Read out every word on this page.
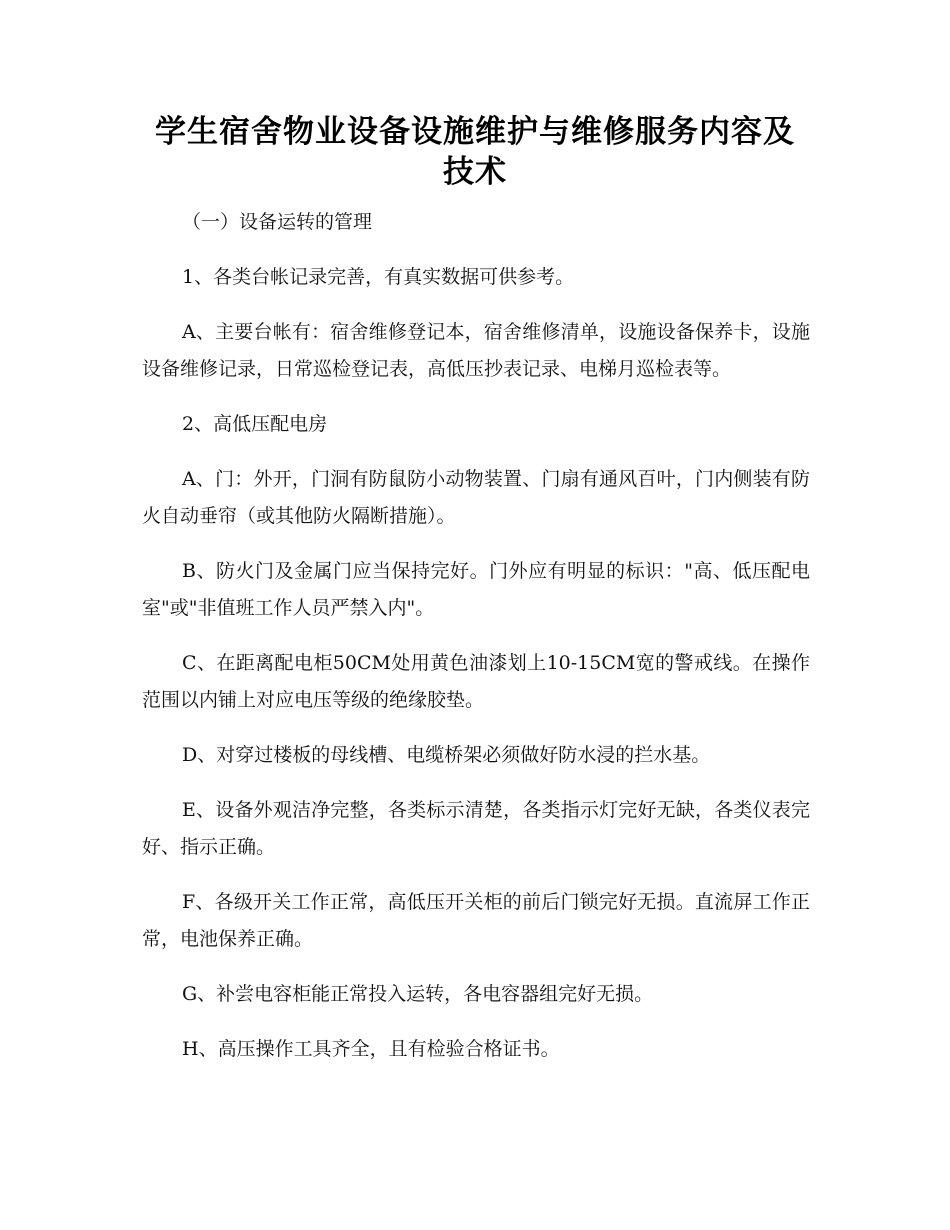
学生宿舍物业设备设施维护与维修服务内容及技术

（一）设备运转的管理

1、各类台帐记录完善，有真实数据可供参考。

A、主要台帐有：宿舍维修登记本，宿舍维修清单，设施设备保养卡，设施设备维修记录，日常巡检登记表，高低压抄表记录、电梯月巡检表等。

2、高低压配电房

A、门：外开，门洞有防鼠防小动物装置、门扇有通风百叶，门内侧装有防火自动垂帘（或其他防火隔断措施）。

B、防火门及金属门应当保持完好。门外应有明显的标识："高、低压配电室"或"非值班工作人员严禁入内"。

C、在距离配电柜50CM处用黄色油漆划上10-15CM宽的警戒线。在操作范围以内铺上对应电压等级的绝缘胶垫。

D、对穿过楼板的母线槽、电缆桥架必须做好防水浸的拦水基。

E、设备外观洁净完整，各类标示清楚，各类指示灯完好无缺，各类仪表完好、指示正确。

F、各级开关工作正常，高低压开关柜的前后门锁完好无损。直流屏工作正常，电池保养正确。

G、补尝电容柜能正常投入运转，各电容器组完好无损。

H、高压操作工具齐全，且有检验合格证书。
